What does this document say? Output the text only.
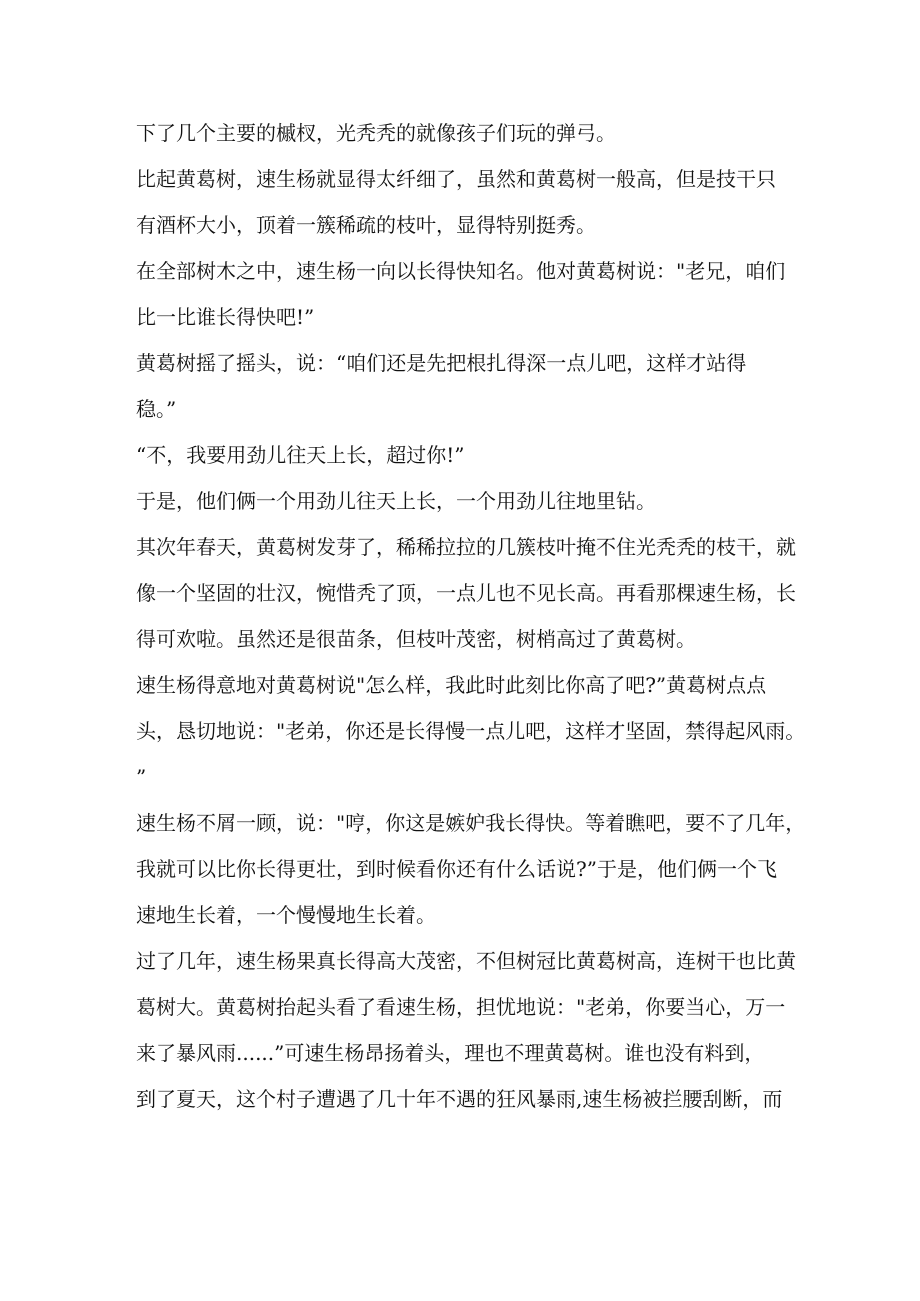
下了几个主要的槭杈，光秃秃的就像孩子们玩的弹弓。
比起黄葛树，速生杨就显得太纤细了，虽然和黄葛树一般高，但是技干只
有酒杯大小，顶着一簇稀疏的枝叶，显得特别挺秀。
在全部树木之中，速生杨一向以长得快知名。他对黄葛树说："老兄，咱们
比一比谁长得快吧!”
黄葛树摇了摇头，说：“咱们还是先把根扎得深一点儿吧，这样才站得
稳。”
“不，我要用劲儿往天上长，超过你!”
于是，他们俩一个用劲儿往天上长，一个用劲儿往地里钻。
其次年春天，黄葛树发芽了，稀稀拉拉的几簇枝叶掩不住光秃秃的枝干，就
像一个坚固的壮汉，惋惜秃了顶，一点儿也不见长高。再看那棵速生杨，长
得可欢啦。虽然还是很苗条，但枝叶茂密，树梢高过了黄葛树。
速生杨得意地对黄葛树说"怎么样，我此时此刻比你高了吧?”黄葛树点点
头，恳切地说："老弟，你还是长得慢一点儿吧，这样才坚固，禁得起风雨。
”
速生杨不屑一顾，说："哼，你这是嫉妒我长得快。等着瞧吧，要不了几年，
我就可以比你长得更壮，到时候看你还有什么话说?”于是，他们俩一个飞
速地生长着，一个慢慢地生长着。
过了几年，速生杨果真长得高大茂密，不但树冠比黄葛树高，连树干也比黄
葛树大。黄葛树抬起头看了看速生杨，担忧地说："老弟，你要当心，万一
来了暴风雨......”可速生杨昂扬着头，理也不理黄葛树。谁也没有料到，
到了夏天，这个村子遭遇了几十年不遇的狂风暴雨,速生杨被拦腰刮断，而
